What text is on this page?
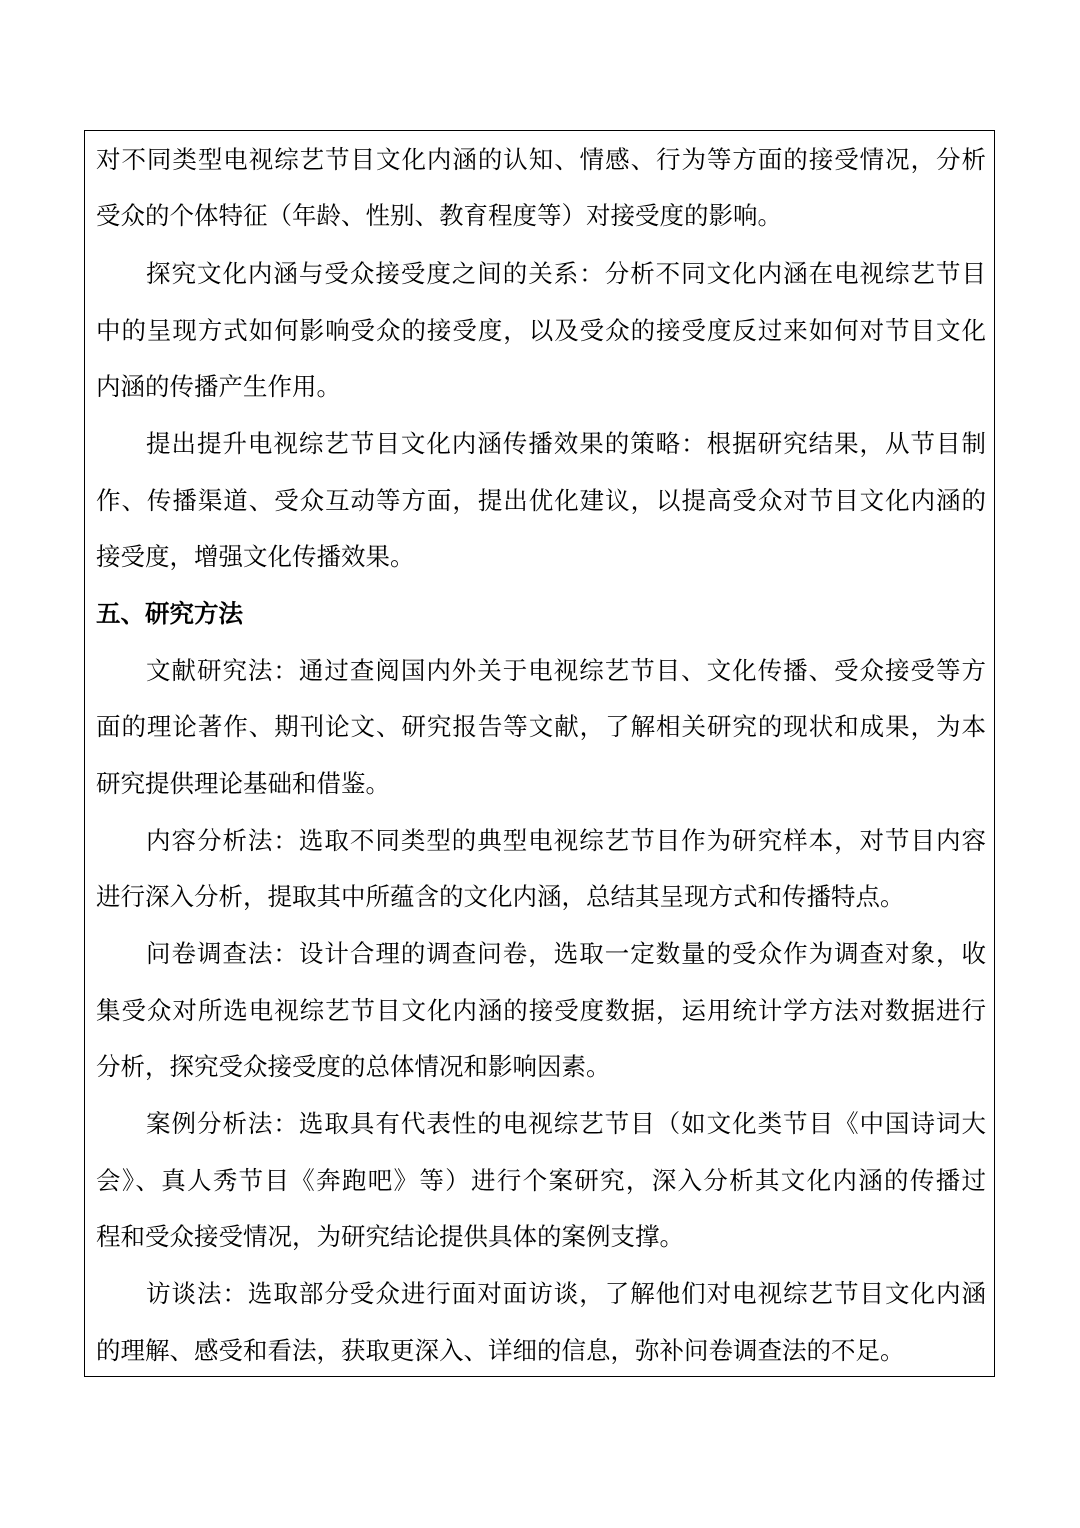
对不同类型电视综艺节目文化内涵的认知、情感、行为等方面的接受情况，分析
受众的个体特征（年龄、性别、教育程度等）对接受度的影响。
探究文化内涵与受众接受度之间的关系：分析不同文化内涵在电视综艺节目
中的呈现方式如何影响受众的接受度，以及受众的接受度反过来如何对节目文化
内涵的传播产生作用。
提出提升电视综艺节目文化内涵传播效果的策略：根据研究结果，从节目制
作、传播渠道、受众互动等方面，提出优化建议，以提高受众对节目文化内涵的
接受度，增强文化传播效果。
五、研究方法
文献研究法：通过查阅国内外关于电视综艺节目、文化传播、受众接受等方
面的理论著作、期刊论文、研究报告等文献，了解相关研究的现状和成果，为本
研究提供理论基础和借鉴。
内容分析法：选取不同类型的典型电视综艺节目作为研究样本，对节目内容
进行深入分析，提取其中所蕴含的文化内涵，总结其呈现方式和传播特点。
问卷调查法：设计合理的调查问卷，选取一定数量的受众作为调查对象，收
集受众对所选电视综艺节目文化内涵的接受度数据，运用统计学方法对数据进行
分析，探究受众接受度的总体情况和影响因素。
案例分析法：选取具有代表性的电视综艺节目（如文化类节目《中国诗词大
会》、真人秀节目《奔跑吧》等）进行个案研究，深入分析其文化内涵的传播过
程和受众接受情况，为研究结论提供具体的案例支撑。
访谈法：选取部分受众进行面对面访谈，了解他们对电视综艺节目文化内涵
的理解、感受和看法，获取更深入、详细的信息，弥补问卷调查法的不足。
